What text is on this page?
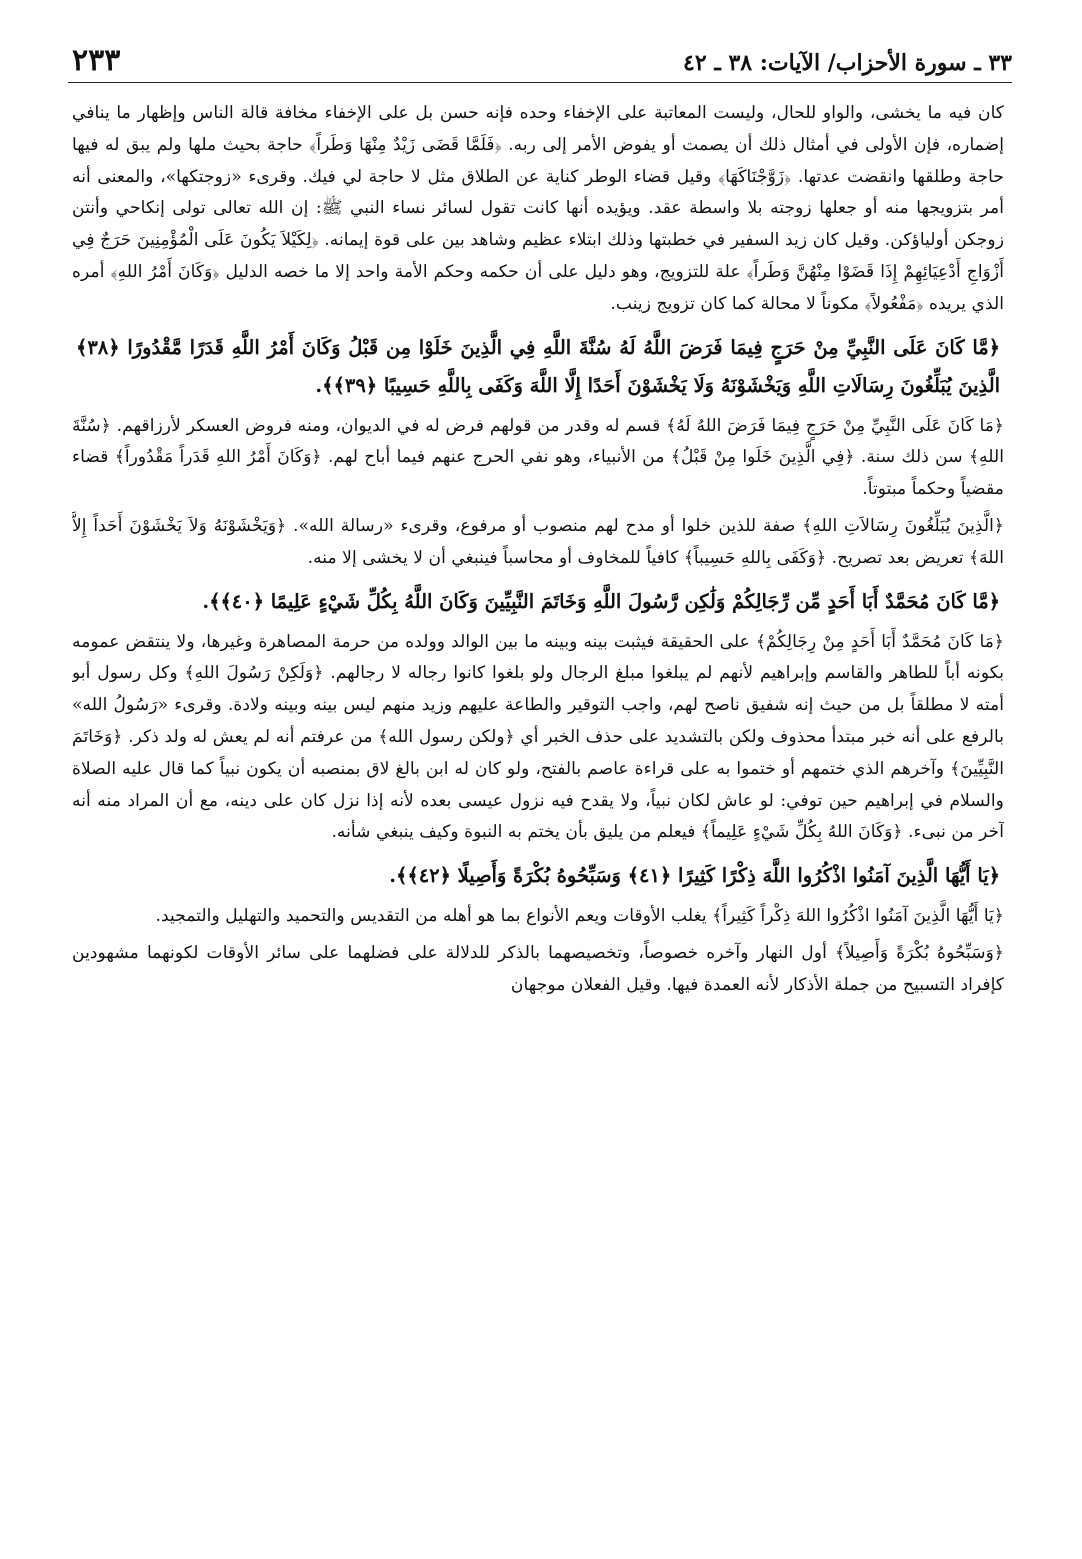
٣٣ ـ سورة الأحزاب/ الآيات: ٣٨ ـ ٤٢
٢٣٣

كان فيه ما يخشى، والواو للحال، وليست المعاتبة على الإخفاء وحده فإنه حسن بل على الإخفاء مخافة قالة الناس وإظهار ما ينافي إضماره، فإن الأولى في أمثال ذلك أن يصمت أو يفوض الأمر إلى ربه. ﴿فَلَمَّا قَضَى زَيْدٌ مِنْهَا وَطَراً﴾ حاجة بحيث ملها ولم يبق له فيها حاجة وطلقها وانقضت عدتها. ﴿زَوَّجْنَاكَهَا﴾ وقيل قضاء الوطر كناية عن الطلاق مثل لا حاجة لي فيك. وقرىء «زوجتكها»، والمعنى أنه أمر بتزويجها منه أو جعلها زوجته بلا واسطة عقد. ويؤيده أنها كانت تقول لسائر نساء النبي ﷺ: إن الله تعالى تولى إنكاحي وأنتن زوجكن أولياؤكن. وقيل كان زيد السفير في خطبتها وذلك ابتلاء عظيم وشاهد بين على قوة إيمانه. ﴿لِكَيْلاَ يَكُونَ عَلَى الْمُؤْمِنِينَ حَرَجٌ فِي أَزْوَاجِ أَدْعِيَائِهِمْ إِذَا قَضَوْا مِنْهُنَّ وَطَراً﴾ علة للتزويج، وهو دليل على أن حكمه وحكم الأمة واحد إلا ما خصه الدليل ﴿وَكَانَ أَمْرُ اللهِ﴾ أمره الذي يريده ﴿مَفْعُولاً﴾ مكوناً لا محالة كما كان تزويج زينب.

﴿مَّا كَانَ عَلَى النَّبِيِّ مِنْ حَرَجٍ فِيمَا فَرَضَ اللَّهُ لَهُ سُنَّةَ اللَّهِ فِي الَّذِينَ خَلَوْا مِن قَبْلُ وَكَانَ أَمْرُ اللَّهِ قَدَرًا مَّقْدُورًا ﴿٣٨﴾ الَّذِينَ يُبَلِّغُونَ رِسَالَاتِ اللَّهِ وَيَخْشَوْنَهُ وَلَا يَخْشَوْنَ أَحَدًا إِلَّا اللَّهَ وَكَفَى بِاللَّهِ حَسِيبًا ﴿٣٩﴾﴾.

﴿مَا كَانَ عَلَى النَّبِيِّ مِنْ حَرَجٍ فِيمَا فَرَضَ اللهُ لَهُ﴾ قسم له وقدر من قولهم فرض له في الديوان، ومنه فروض العسكر لأرزاقهم. ﴿سُنَّةَ اللهِ﴾ سن ذلك سنة. ﴿فِي الَّذِينَ خَلَوا مِنْ قَبْلُ﴾ من الأنبياء، وهو نفي الحرج عنهم فيما أباح لهم. ﴿وَكَانَ أَمْرُ اللهِ قَدَراً مَقْدُوراً﴾ قضاء مقضياً وحكماً مبتوتاً.

﴿الَّذِينَ يُبَلِّغُونَ رِسَالاَتِ اللهِ﴾ صفة للذين خلوا أو مدح لهم منصوب أو مرفوع، وقرىء «رسالة الله». ﴿وَيَخْشَوْنَهُ وَلاَ يَخْشَوْنَ أَحَداً إِلاَّ اللهَ﴾ تعريض بعد تصريح. ﴿وَكَفَى بِاللهِ حَسِيباً﴾ كافياً للمخاوف أو محاسباً فينبغي أن لا يخشى إلا منه.

﴿مَّا كَانَ مُحَمَّدٌ أَبَا أَحَدٍ مِّن رِّجَالِكُمْ وَلَٰكِن رَّسُولَ اللَّهِ وَخَاتَمَ النَّبِيِّينَ وَكَانَ اللَّهُ بِكُلِّ شَيْءٍ عَلِيمًا ﴿٤٠﴾﴾.

﴿مَا كَانَ مُحَمَّدٌ أَبَا أَحَدٍ مِنْ رِجَالِكُمْ﴾ على الحقيقة فيثبت بينه وبينه ما بين الوالد وولده من حرمة المصاهرة وغيرها، ولا ينتقض عمومه بكونه أباً للطاهر والقاسم وإبراهيم لأنهم لم يبلغوا مبلغ الرجال ولو بلغوا كانوا رجاله لا رجالهم. ﴿وَلَكِنْ رَسُولَ اللهِ﴾ وكل رسول أبو أمته لا مطلقاً بل من حيث إنه شفيق ناصح لهم، واجب التوقير والطاعة عليهم وزيد منهم ليس بينه وبينه ولادة. وقرىء «رَسُولُ الله» بالرفع على أنه خبر مبتدأ محذوف ولكن بالتشديد على حذف الخبر أي ﴿ولكن رسول الله﴾ من عرفتم أنه لم يعش له ولد ذكر. ﴿وَخَاتَمَ النَّبِيِّينَ﴾ وآخرهم الذي ختمهم أو ختموا به على قراءة عاصم بالفتح، ولو كان له ابن بالغ لاق بمنصبه أن يكون نبياً كما قال عليه الصلاة والسلام في إبراهيم حين توفي: لو عاش لكان نبياً، ولا يقدح فيه نزول عيسى بعده لأنه إذا نزل كان على دينه، مع أن المراد منه أنه آخر من نبىء. ﴿وَكَانَ اللهُ بِكُلِّ شَيْءٍ عَلِيماً﴾ فيعلم من يليق بأن يختم به النبوة وكيف ينبغي شأنه.

﴿يَا أَيُّهَا الَّذِينَ آمَنُوا اذْكُرُوا اللَّهَ ذِكْرًا كَثِيرًا ﴿٤١﴾ وَسَبِّحُوهُ بُكْرَةً وَأَصِيلًا ﴿٤٢﴾﴾.

﴿يَا أَيُّهَا الَّذِينَ آمَنُوا اذْكُرُوا اللهَ ذِكْراً كَثِيراً﴾ يغلب الأوقات ويعم الأنواع بما هو أهله من التقديس والتحميد والتهليل والتمجيد.

﴿وَسَبِّحُوهُ بُكْرَةً وَأَصِيلاً﴾ أول النهار وآخره خصوصاً، وتخصيصهما بالذكر للدلالة على فضلهما على سائر الأوقات لكونهما مشهودين كإفراد التسبيح من جملة الأذكار لأنه العمدة فيها. وقيل الفعلان موجهان
